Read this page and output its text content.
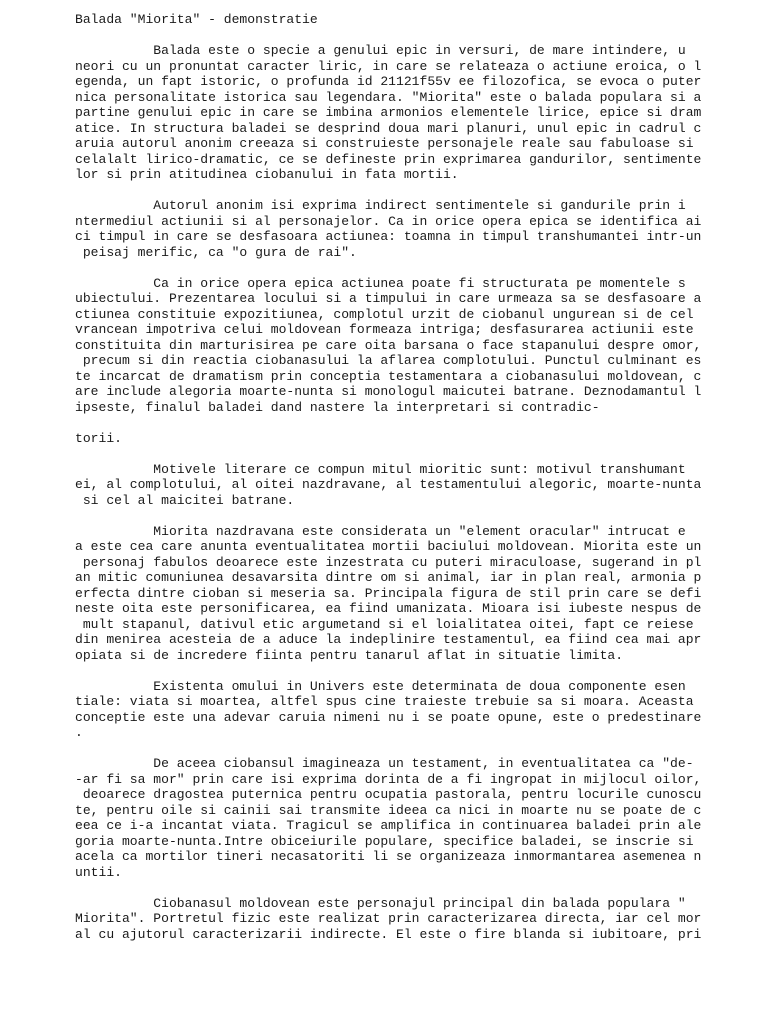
Balada "Miorita" - demonstratie
Balada este o specie a genului epic in versuri, de mare intindere, u
neori cu un pronuntat caracter liric, in care se relateaza o actiune eroica, o l
egenda, un fapt istoric, o profunda id 21121f55v ee filozofica, se evoca o puter
nica personalitate istorica sau legendara. "Miorita" este o balada populara si a
partine genului epic in care se imbina armonios elementele lirice, epice si dram
atice. In structura baladei se desprind doua mari planuri, unul epic in cadrul c
aruia autorul anonim creeaza si construieste personajele reale sau fabuloase si
celalalt lirico-dramatic, ce se defineste prin exprimarea gandurilor, sentimente
lor si prin atitudinea ciobanului in fata mortii.
Autorul anonim isi exprima indirect sentimentele si gandurile prin i
ntermediul actiunii si al personajelor. Ca in orice opera epica se identifica ai
ci timpul in care se desfasoara actiunea: toamna in timpul transhumantei intr-un
peisaj merific, ca "o gura de rai".
Ca in orice opera epica actiunea poate fi structurata pe momentele s
ubiectului. Prezentarea locului si a timpului in care urmeaza sa se desfasoare a
ctiunea constituie expozitiunea, complotul urzit de ciobanul ungurean si de cel
vrancean impotriva celui moldovean formeaza intriga; desfasurarea actiunii este
constituita din marturisirea pe care oita barsana o face stapanului despre omor,
precum si din reactia ciobanasului la aflarea complotului. Punctul culminant es
te incarcat de dramatism prin conceptia testamentara a ciobanasului moldovean, c
are include alegoria moarte-nunta si monologul maicutei batrane. Deznodamantul l
ipseste, finalul baladei dand nastere la interpretari si contradic-
torii.
Motivele literare ce compun mitul mioritic sunt: motivul transhumant
ei, al complotului, al oitei nazdravane, al testamentului alegoric, moarte-nunta
si cel al maicitei batrane.
Miorita nazdravana este considerata un "element oracular" intrucat e
a este cea care anunta eventualitatea mortii baciului moldovean. Miorita este un
personaj fabulos deoarece este inzestrata cu puteri miraculoase, sugerand in pl
an mitic comuniunea desavarsita dintre om si animal, iar in plan real, armonia p
erfecta dintre cioban si meseria sa. Principala figura de stil prin care se defi
neste oita este personificarea, ea fiind umanizata. Mioara isi iubeste nespus de
mult stapanul, dativul etic argumetand si el loialitatea oitei, fapt ce reiese
din menirea acesteia de a aduce la indeplinire testamentul, ea fiind cea mai apr
opiata si de incredere fiinta pentru tanarul aflat in situatie limita.
Existenta omului in Univers este determinata de doua componente esen
tiale: viata si moartea, altfel spus cine traieste trebuie sa si moara. Aceasta
conceptie este una adevar caruia nimeni nu i se poate opune, este o predestinare
.
De aceea ciobansul imagineaza un testament, in eventualitatea ca "de-
-ar fi sa mor" prin care isi exprima dorinta de a fi ingropat in mijlocul oilor,
deoarece dragostea puternica pentru ocupatia pastorala, pentru locurile cunoscu
te, pentru oile si cainii sai transmite ideea ca nici in moarte nu se poate de c
eea ce i-a incantat viata. Tragicul se amplifica in continuarea baladei prin ale
goria moarte-nunta.Intre obiceiurile populare, specifice baladei, se inscrie si
acela ca mortilor tineri necasatoriti li se organizeaza inmormantarea asemenea n
untii.
Ciobanasul moldovean este personajul principal din balada populara "
Miorita". Portretul fizic este realizat prin caracterizarea directa, iar cel mor
al cu ajutorul caracterizarii indirecte. El este o fire blanda si iubitoare, pri
